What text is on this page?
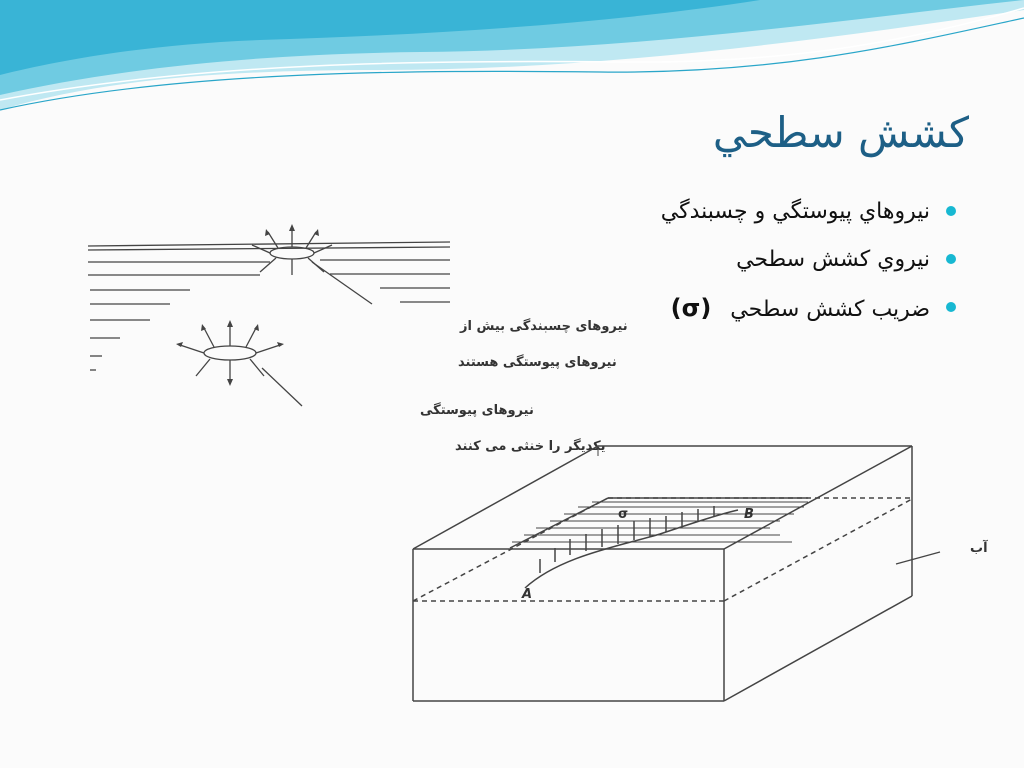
کشش سطحي
نيروهاي پيوستگي و چسبندگي
نيروي کشش سطحي
ضريب کشش سطحي (σ)
نیروهای چسبندگی بیش از
نیروهای پیوستگی هستند
نیروهای پیوستگی
یکدیگر را خنثی می کنند
A
B
σ
آب
